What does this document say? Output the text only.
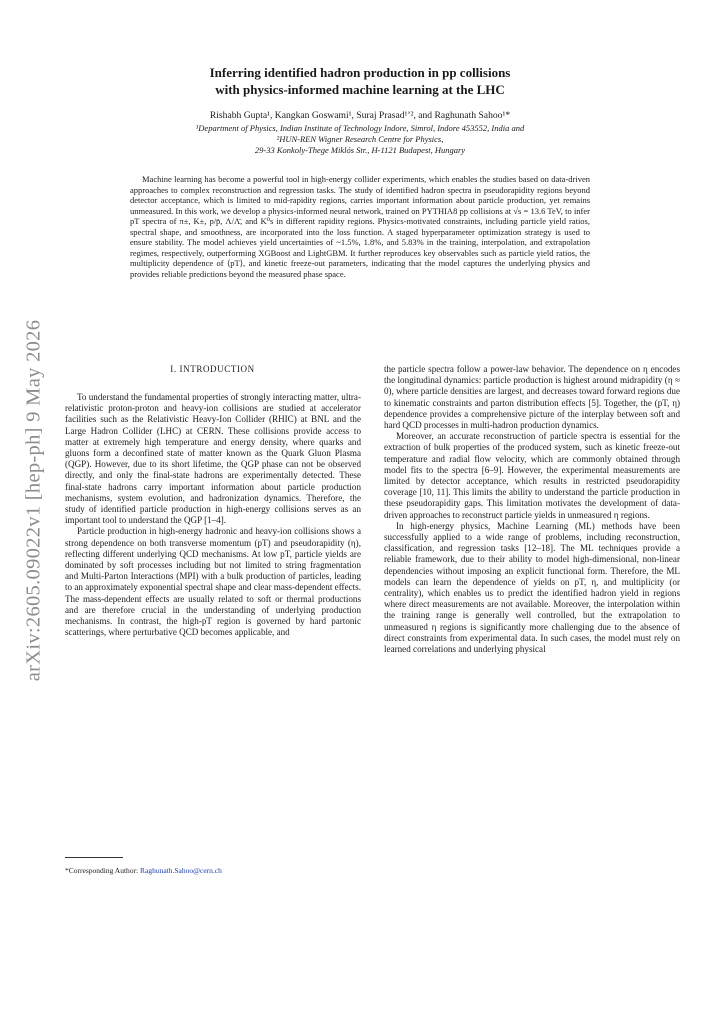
arXiv:2605.09022v1 [hep-ph] 9 May 2026
Inferring identified hadron production in pp collisions
with physics-informed machine learning at the LHC
Rishabh Gupta¹, Kangkan Goswami¹, Suraj Prasad¹ʼ², and Raghunath Sahoo¹*
¹Department of Physics, Indian Institute of Technology Indore, Simrol, Indore 453552, India and
²HUN-REN Wigner Research Centre for Physics,
29-33 Konkoly-Thege Miklós Str., H-1121 Budapest, Hungary

Machine learning has become a powerful tool in high-energy collider experiments, which enables the studies based on data-driven approaches to complex reconstruction and regression tasks. The study of identified hadron spectra in pseudorapidity regions beyond detector acceptance, which is limited to mid-rapidity regions, carries important information about particle production, yet remains unmeasured. In this work, we develop a physics-informed neural network, trained on PYTHIA8 pp collisions at √s = 13.6 TeV, to infer pT spectra of π±, K±, p/p̄, Λ/Λ̄, and K⁰s in different rapidity regions. Physics-motivated constraints, including particle yield ratios, spectral shape, and smoothness, are incorporated into the loss function. A staged hyperparameter optimization strategy is used to ensure stability. The model achieves yield uncertainties of ~1.5%, 1.8%, and 5.83% in the training, interpolation, and extrapolation regimes, respectively, outperforming XGBoost and LightGBM. It further reproduces key observables such as particle yield ratios, the multiplicity dependence of ⟨pT⟩, and kinetic freeze-out parameters, indicating that the model captures the underlying physics and provides reliable predictions beyond the measured phase space.

I. INTRODUCTION

To understand the fundamental properties of strongly interacting matter, ultra-relativistic proton-proton and heavy-ion collisions are studied at accelerator facilities such as the Relativistic Heavy-Ion Collider (RHIC) at BNL and the Large Hadron Collider (LHC) at CERN. These collisions provide access to matter at extremely high temperature and energy density, where quarks and gluons form a deconfined state of matter known as the Quark Gluon Plasma (QGP). However, due to its short lifetime, the QGP phase can not be observed directly, and only the final-state hadrons are experimentally detected. These final-state hadrons carry important information about particle production mechanisms, system evolution, and hadronization dynamics. Therefore, the study of identified particle production in high-energy collisions serves as an important tool to understand the QGP [1–4].

Particle production in high-energy hadronic and heavy-ion collisions shows a strong dependence on both transverse momentum (pT) and pseudorapidity (η), reflecting different underlying QCD mechanisms. At low pT, particle yields are dominated by soft processes including but not limited to string fragmentation and Multi-Parton Interactions (MPI) with a bulk production of particles, leading to an approximately exponential spectral shape and clear mass-dependent effects. The mass-dependent effects are usually related to soft or thermal productions and are therefore crucial in the understanding of underlying production mechanisms. In contrast, the high-pT region is governed by hard partonic scatterings, where perturbative QCD becomes applicable, and

the particle spectra follow a power-law behavior. The dependence on η encodes the longitudinal dynamics: particle production is highest around midrapidity (η ≈ 0), where particle densities are largest, and decreases toward forward regions due to kinematic constraints and parton distribution effects [5]. Together, the (pT, η) dependence provides a comprehensive picture of the interplay between soft and hard QCD processes in multi-hadron production dynamics.

Moreover, an accurate reconstruction of particle spectra is essential for the extraction of bulk properties of the produced system, such as kinetic freeze-out temperature and radial flow velocity, which are commonly obtained through model fits to the spectra [6–9]. However, the experimental measurements are limited by detector acceptance, which results in restricted pseudorapidity coverage [10, 11]. This limits the ability to understand the particle production in these pseudorapidity gaps. This limitation motivates the development of data-driven approaches to reconstruct particle yields in unmeasured η regions.

In high-energy physics, Machine Learning (ML) methods have been successfully applied to a wide range of problems, including reconstruction, classification, and regression tasks [12–18]. The ML techniques provide a reliable framework, due to their ability to model high-dimensional, non-linear dependencies without imposing an explicit functional form. Therefore, the ML models can learn the dependence of yields on pT, η, and multiplicity (or centrality), which enables us to predict the identified hadron yield in regions where direct measurements are not available. Moreover, the interpolation within the training range is generally well controlled, but the extrapolation to unmeasured η regions is significantly more challenging due to the absence of direct constraints from experimental data. In such cases, the model must rely on learned correlations and underlying physical

*Corresponding Author: Raghunath.Sahoo@cern.ch
